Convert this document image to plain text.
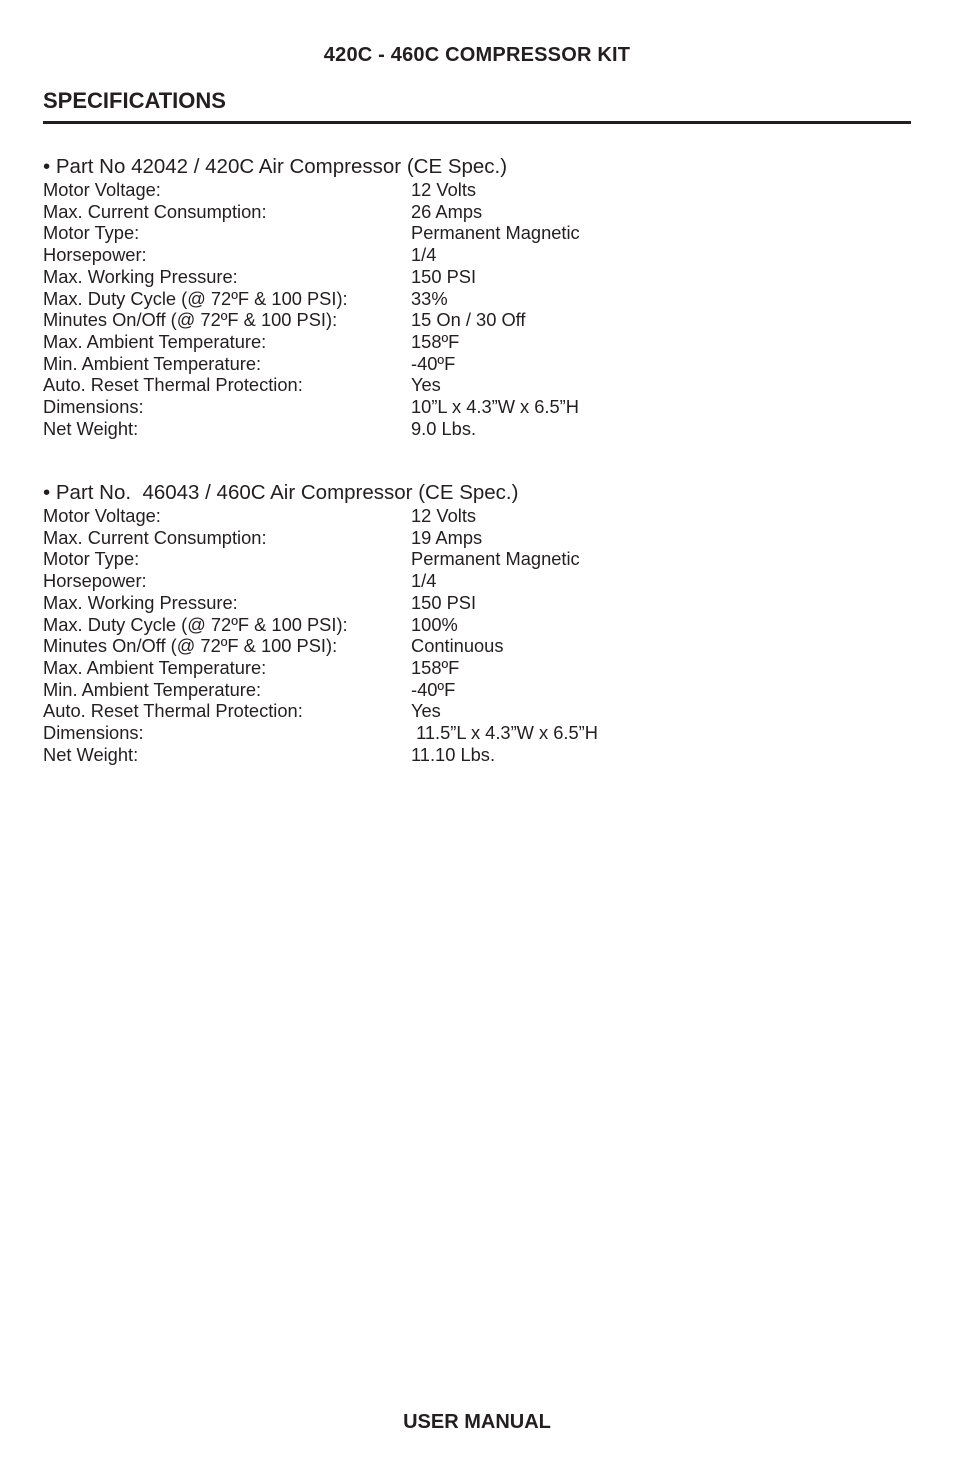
420C - 460C COMPRESSOR KIT
SPECIFICATIONS
• Part No 42042 / 420C Air Compressor (CE Spec.)
Motor Voltage:	12 Volts
Max. Current Consumption:	26 Amps
Motor Type:	Permanent Magnetic
Horsepower:	1/4
Max. Working Pressure:	150 PSI
Max. Duty Cycle (@ 72ºF & 100 PSI):	33%
Minutes On/Off (@ 72ºF & 100 PSI):	15 On / 30 Off
Max. Ambient Temperature:	158ºF
Min. Ambient Temperature:	-40ºF
Auto. Reset Thermal Protection:	Yes
Dimensions:	10”L x 4.3”W x 6.5”H
Net Weight:	9.0 Lbs.
• Part No.  46043 / 460C Air Compressor (CE Spec.)
Motor Voltage:	12 Volts
Max. Current Consumption:	19 Amps
Motor Type:	Permanent Magnetic
Horsepower:	1/4
Max. Working Pressure:	150 PSI
Max. Duty Cycle (@ 72ºF & 100 PSI):	100%
Minutes On/Off (@ 72ºF & 100 PSI):	Continuous
Max. Ambient Temperature:	158ºF
Min. Ambient Temperature:	-40ºF
Auto. Reset Thermal Protection:	Yes
Dimensions:	11.5”L x 4.3”W x 6.5”H
Net Weight:	11.10 Lbs.
USER MANUAL
